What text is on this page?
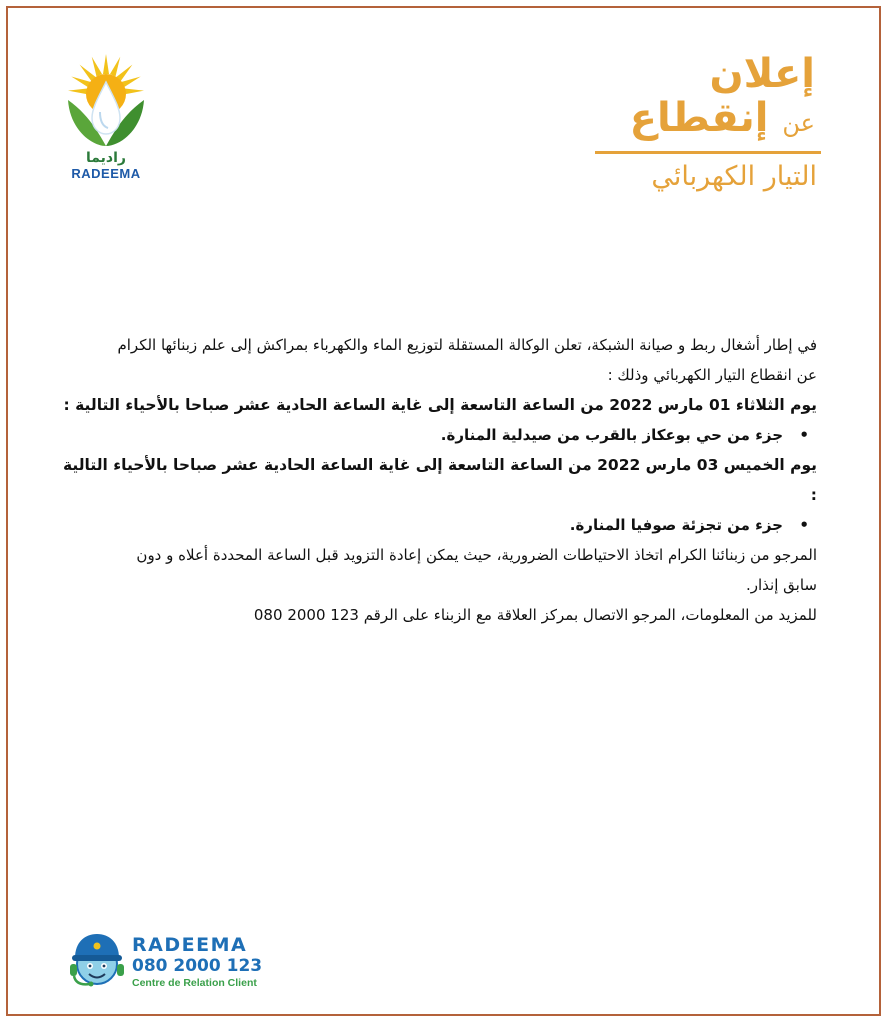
راديما
RADEEMA
إعلان
عن إنقطاع
التيار الكهربائي

في إطار أشغال ربط و صيانة الشبكة، تعلن الوكالة المستقلة لتوزيع الماء والكهرباء بمراكش إلى علم زبنائها الكرام

عن انقطاع التيار الكهربائي وذلك :

يوم الثلاثاء 01 مارس 2022 من الساعة التاسعة إلى غاية الساعة الحادية عشر صباحا بالأحياء التالية :

•
جزء من حي بوعكاز بالقرب من صيدلية المنارة.

يوم الخميس 03 مارس 2022 من الساعة التاسعة إلى غاية الساعة الحادية عشر صباحا بالأحياء التالية :

•
جزء من تجزئة صوفيا المنارة.

المرجو من زبنائنا الكرام اتخاذ الاحتياطات الضرورية، حيث يمكن إعادة التزويد قبل الساعة المحددة أعلاه و دون

سابق إنذار.

للمزيد من المعلومات، المرجو الاتصال بمركز العلاقة مع الزبناء على الرقم 123 2000 080

RADEEMA
080 2000 123
Centre de Relation Client
